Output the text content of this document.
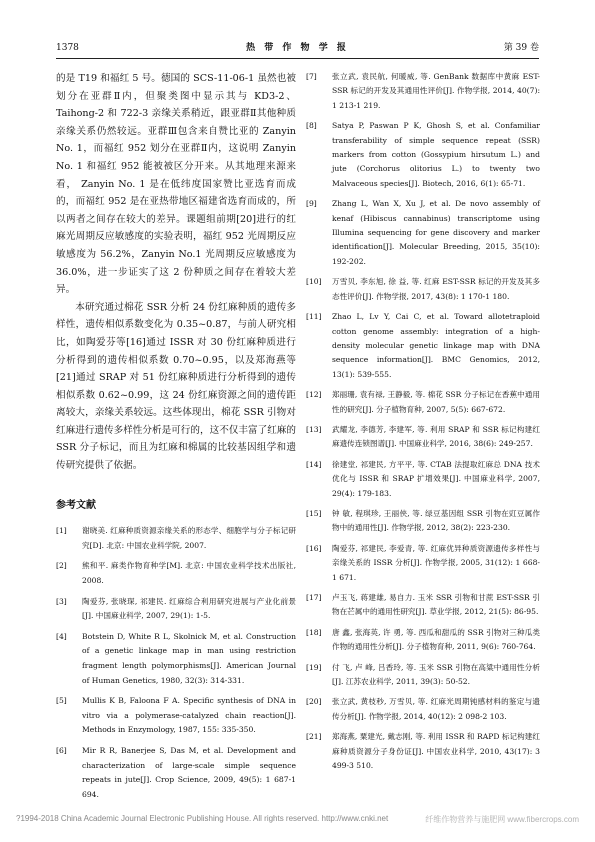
1378	热 带 作 物 学 报	第 39 卷

的是 T19 和福红 5 号。德国的 SCS-11-06-1 虽然也被划分在亚群Ⅱ内，但聚类图中显示其与 KD3-2、Taihong-2 和 722-3 亲缘关系稍近，跟亚群Ⅱ其他种质亲缘关系仍然较远。亚群Ⅲ包含来自赞比亚的 Zanyin No. 1，而福红 952 划分在亚群Ⅱ内，这说明 Zanyin No. 1 和福红 952 能被被区分开来。从其地理来源来看， Zanyin No. 1 是在低纬度国家赞比亚选育而成的，而福红 952 是在亚热带地区福建省选育而成的，所以两者之间存在较大的差异。课题组前期[20]进行的红麻光周期反应敏感度的实验表明，福红 952 光周期反应敏感度为 56.2%，Zanyin No.1 光周期反应敏感度为 36.0%，进一步证实了这 2 份种质之间存在着较大差异。

本研究通过棉花 SSR 分析 24 份红麻种质的遗传多样性，遗传相似系数变化为 0.35~0.87，与前人研究相比，如陶爱芬等[16]通过 ISSR 对 30 份红麻种质进行分析得到的遗传相似系数 0.70~0.95，以及郑海燕等[21]通过 SRAP 对 51 份红麻种质进行分析得到的遗传相似系数 0.62~0.99，这 24 份红麻资源之间的遗传距离较大，亲缘关系较远。这些体现出，棉花 SSR 引物对红麻进行遗传多样性分析是可行的，这不仅丰富了红麻的 SSR 分子标记，而且为红麻和棉属的比较基因组学和遗传研究提供了依据。

参考文献
[1] 谢晓美. 红麻种质资源亲缘关系的形态学、细胞学与分子标记研究[D]. 北京: 中国农业科学院, 2007.
[2] 熊和平. 麻类作物育种学[M]. 北京: 中国农业科学技术出版社, 2008.
[3] 陶爱芬, 张晓琛, 祁建民. 红麻综合利用研究进展与产业化前景[J]. 中国麻业科学, 2007, 29(1): 1-5.
[4] Botstein D, White R L, Skolnick M, et al. Construction of a genetic linkage map in man using restriction fragment length polymorphisms[J]. American Journal of Human Genetics, 1980, 32(3): 314-331.
[5] Mullis K B, Faloona F A. Specific synthesis of DNA in vitro via a polymerase-catalyzed chain reaction[J]. Methods in Enzymology, 1987, 155: 335-350.
[6] Mir R R, Banerjee S, Das M, et al. Development and characterization of large-scale simple sequence repeats in jute[J]. Crop Science, 2009, 49(5): 1 687-1 694.
[7] 张立武, 袁民航, 何暖威, 等. GenBank 数据库中黄麻 EST-SSR 标记的开发及其通用性评价[J]. 作物学报, 2014, 40(7): 1 213-1 219.
[8] Satya P, Paswan P K, Ghosh S, et al. Confamiliar transferability of simple sequence repeat (SSR) markers from cotton (Gossypium hirsutum L.) and jute (Corchorus olitorius L.) to twenty two Malvaceous species[J]. Biotech, 2016, 6(1): 65-71.
[9] Zhang L, Wan X, Xu J, et al. De novo assembly of kenaf (Hibiscus cannabinus) transcriptome using Illumina sequencing for gene discovery and marker identification[J]. Molecular Breeding, 2015, 35(10): 192-202.
[10] 万雪贝, 李东旭, 徐 益, 等. 红麻 EST-SSR 标记的开发及其多态性评价[J]. 作物学报, 2017, 43(8): 1 170-1 180.
[11] Zhao L, Lv Y, Cai C, et al. Toward allotetraploid cotton genome assembly: integration of a high-density molecular genetic linkage map with DNA sequence information[J]. BMC Genomics, 2012, 13(1): 539-555.
[12] 郑丽珊, 袁有禄, 王静毅, 等. 棉花 SSR 分子标记在香蕉中通用性的研究[J]. 分子植物育种, 2007, 5(5): 667-672.
[13] 武耀龙, 李德芳, 李建军, 等. 利用 SRAP 和 SSR 标记构建红麻遗传连锁图谱[J]. 中国麻业科学, 2016, 38(6): 249-257.
[14] 徐建堂, 祁建民, 方平平, 等. CTAB 法提取红麻总 DNA 技术优化与 ISSR 和 SRAP 扩增效果[J]. 中国麻业科学, 2007, 29(4): 179-183.
[15] 钟 敏, 程琪珍, 王丽侠, 等. 绿豆基因组 SSR 引物在豇豆属作物中的通用性[J]. 作物学报, 2012, 38(2): 223-230.
[16] 陶爱芬, 祁建民, 李爱青, 等. 红麻优异种质资源遗传多样性与亲缘关系的 ISSR 分析[J]. 作物学报, 2005, 31(12): 1 668-1 671.
[17] 卢玉飞, 蒋建雄, 易自力. 玉米 SSR 引物和甘蔗 EST-SSR 引物在芒属中的通用性研究[J]. 草业学报, 2012, 21(5): 86-95.
[18] 唐 鑫, 张海英, 许 勇, 等. 西瓜和甜瓜的 SSR 引物对三种瓜类作物的通用性分析[J]. 分子植物育种, 2011, 9(6): 760-764.
[19] 付 飞, 卢 峰, 吕香玲, 等. 玉米 SSR 引物在高粱中通用性分析[J]. 江苏农业科学, 2011, 39(3): 50-52.
[20] 张立武, 黄枝秒, 万雪贝, 等. 红麻光周期钝感材料的鉴定与遗传分析[J]. 作物学报, 2014, 40(12): 2 098-2 103.
[21] 郑海燕, 粟建光, 戴志刚, 等. 利用 ISSR 和 RAPD 标记构建红麻种质资源分子身份证[J]. 中国农业科学, 2010, 43(17): 3 499-3 510.
?1994-2018 China Academic Journal Electronic Publishing House. All rights reserved. http://www.cnki.net	纤维作物营养与施肥网 www.fibercrops.com
